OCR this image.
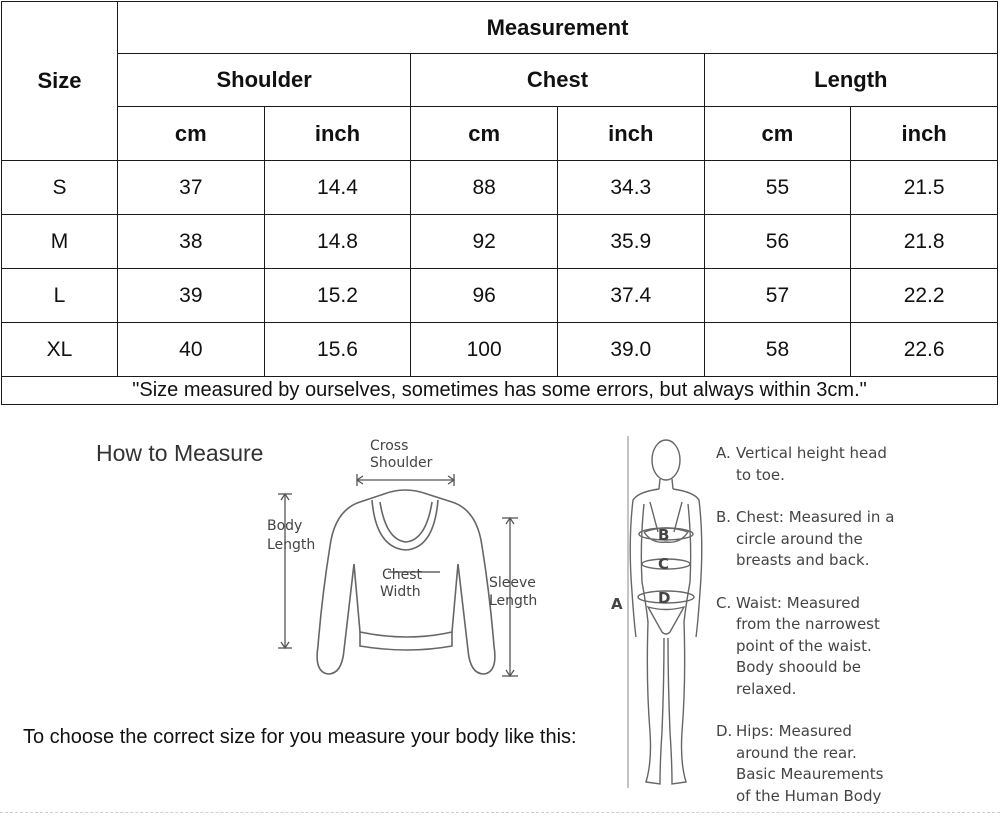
Size	Measurement					
	Shoulder		Chest		Length	
	cm	inch	cm	inch	cm	inch
S	37	14.4	88	34.3	55	21.5
M	38	14.8	92	35.9	56	21.8
L	39	15.2	96	37.4	57	22.2
XL	40	15.6	100	39.0	58	22.6
"Size measured by ourselves, sometimes has some errors, but always within 3cm."						
How to Measure	Cross
Shoulder
Body
Length
Chest
Width
Sleeve
Length
B
C
D
A
A. Vertical height head
to toe.
B. Chest: Measured in a
circle around the
breasts and back.
C. Waist: Measured
from the narrowest
point of the waist.
Body shoould be
relaxed.
D. Hips: Measured
around the rear.
Basic Meaurements
of the Human Body
To choose the correct size for you measure your body like this:
